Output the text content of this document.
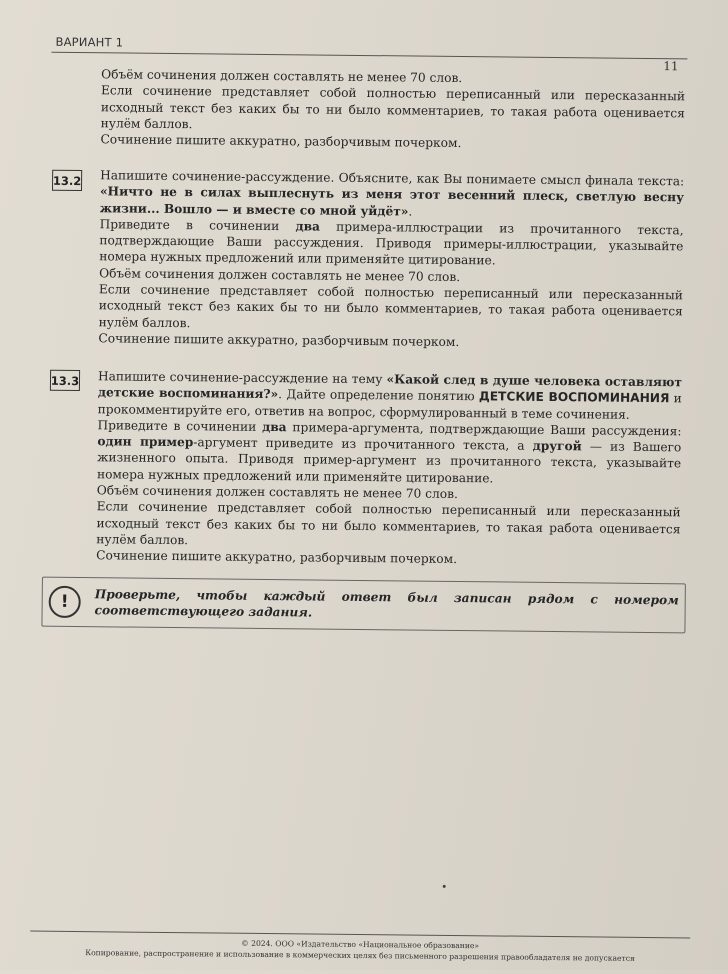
ВАРИАНТ 1
11

Объём сочинения должен составлять не менее 70 слов.

Если сочинение представляет собой полностью переписанный или пересказанный исходный текст без каких бы то ни было комментариев, то такая работа оценивается нулём баллов.

Сочинение пишите аккуратно, разборчивым почерком.

13.2 Напишите сочинение-рассуждение. Объясните, как Вы понимаете смысл финала текста: «Ничто не в силах выплеснуть из меня этот весенний плеск, светлую весну жизни... Вошло — и вместе со мной уйдёт».

Приведите в сочинении два примера-иллюстрации из прочитанного текста, подтверждающие Ваши рассуждения. Приводя примеры-иллюстрации, указывайте номера нужных предложений или применяйте цитирование.

Объём сочинения должен составлять не менее 70 слов.

Если сочинение представляет собой полностью переписанный или пересказанный исходный текст без каких бы то ни было комментариев, то такая работа оценивается нулём баллов.

Сочинение пишите аккуратно, разборчивым почерком.

13.3 Напишите сочинение-рассуждение на тему «Какой след в душе человека оставляют детские воспоминания?». Дайте определение понятию ДЕТСКИЕ ВОСПОМИНАНИЯ и прокомментируйте его, ответив на вопрос, сформулированный в теме сочинения.

Приведите в сочинении два примера-аргумента, подтверждающие Ваши рассуждения: один пример-аргумент приведите из прочитанного текста, а другой — из Вашего жизненного опыта. Приводя пример-аргумент из прочитанного текста, указывайте номера нужных предложений или применяйте цитирование.

Объём сочинения должен составлять не менее 70 слов.

Если сочинение представляет собой полностью переписанный или пересказанный исходный текст без каких бы то ни было комментариев, то такая работа оценивается нулём баллов.

Сочинение пишите аккуратно, разборчивым почерком.

!	Проверьте, чтобы каждый ответ был записан рядом с номером соответствующего задания.
© 2024. ООО «Издательство «Национальное образование»
Копирование, распространение и использование в коммерческих целях без письменного разрешения правообладателя не допускается
